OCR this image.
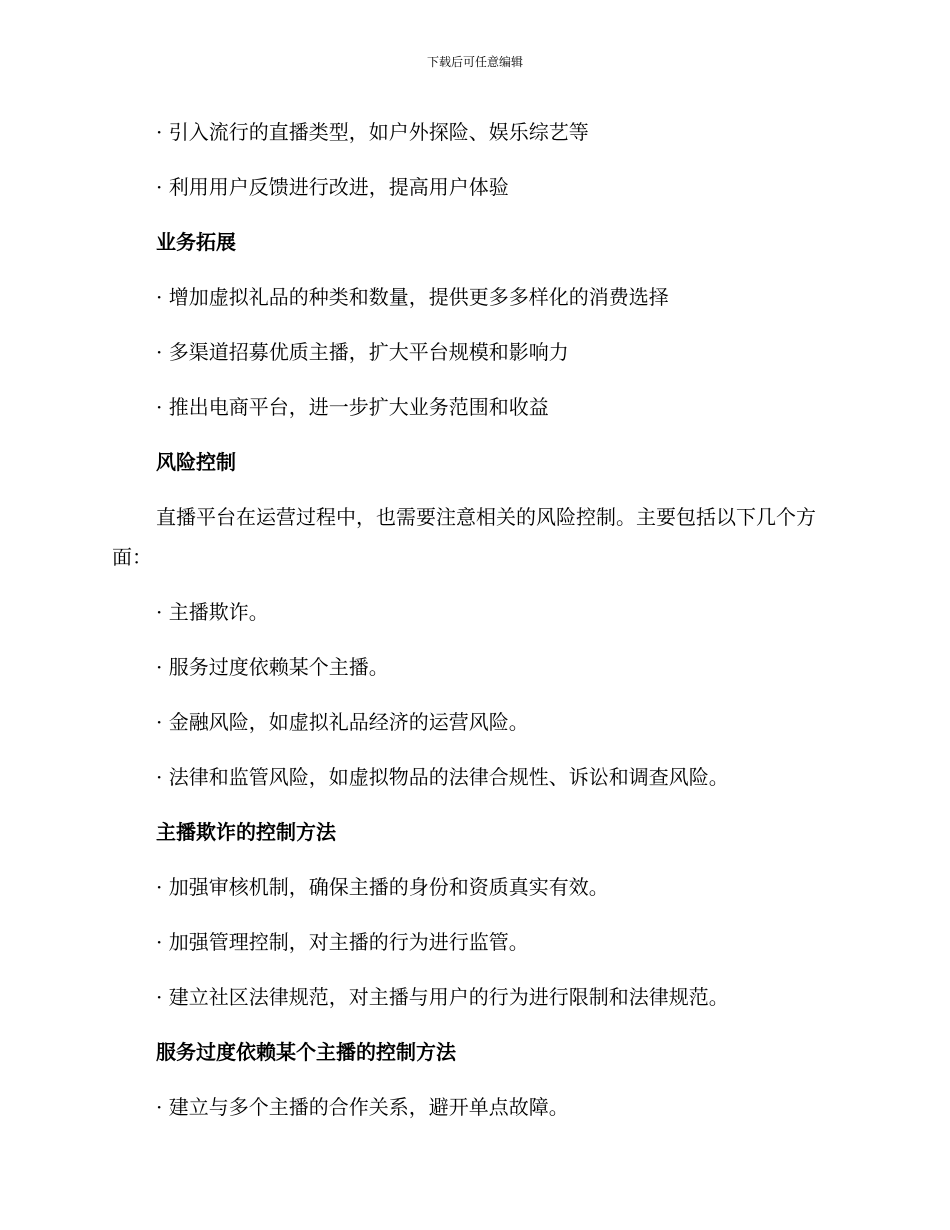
下载后可任意编辑
· 引入流行的直播类型，如户外探险、娱乐综艺等
· 利用用户反馈进行改进，提高用户体验
业务拓展
· 增加虚拟礼品的种类和数量，提供更多多样化的消费选择
· 多渠道招募优质主播，扩大平台规模和影响力
· 推出电商平台，进一步扩大业务范围和收益
风险控制
直播平台在运营过程中，也需要注意相关的风险控制。主要包括以下几个方面：
· 主播欺诈。
· 服务过度依赖某个主播。
· 金融风险，如虚拟礼品经济的运营风险。
· 法律和监管风险，如虚拟物品的法律合规性、诉讼和调查风险。
主播欺诈的控制方法
· 加强审核机制，确保主播的身份和资质真实有效。
· 加强管理控制，对主播的行为进行监管。
· 建立社区法律规范，对主播与用户的行为进行限制和法律规范。
服务过度依赖某个主播的控制方法
· 建立与多个主播的合作关系，避开单点故障。
